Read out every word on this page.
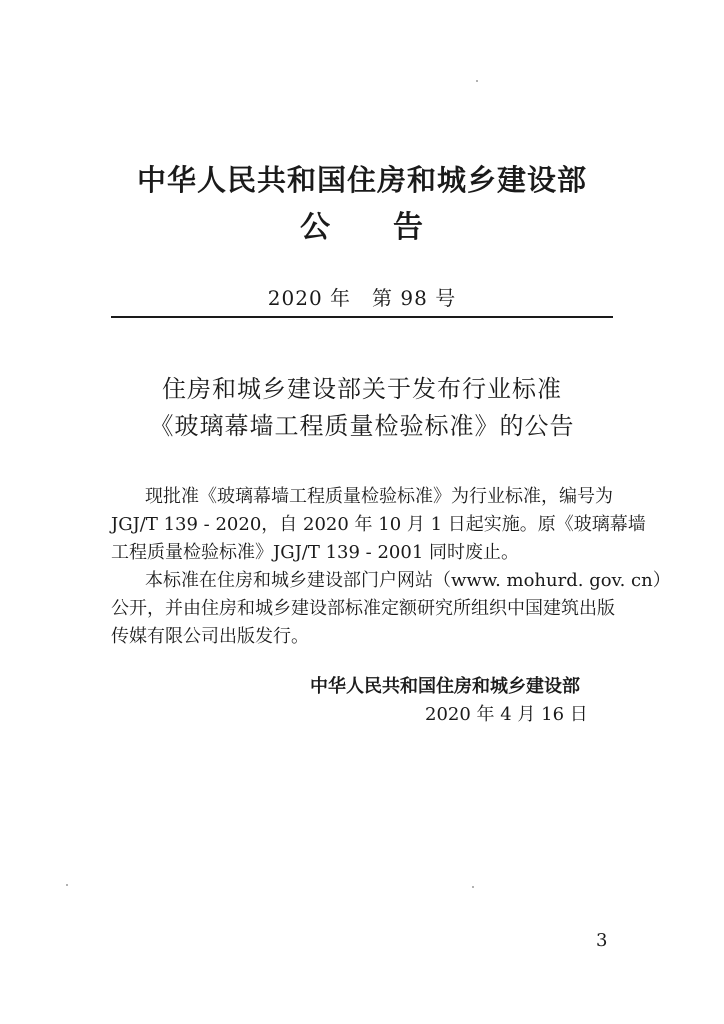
中华人民共和国住房和城乡建设部
公　　告
2020 年　第 98 号
住房和城乡建设部关于发布行业标准
《玻璃幕墙工程质量检验标准》的公告
现批准《玻璃幕墙工程质量检验标准》为行业标准，编号为
JGJ/T 139 - 2020，自 2020 年 10 月 1 日起实施。原《玻璃幕墙
工程质量检验标准》JGJ/T 139 - 2001 同时废止。
本标准在住房和城乡建设部门户网站（www. mohurd. gov. cn）
公开，并由住房和城乡建设部标准定额研究所组织中国建筑出版
传媒有限公司出版发行。
中华人民共和国住房和城乡建设部
2020 年 4 月 16 日
3
